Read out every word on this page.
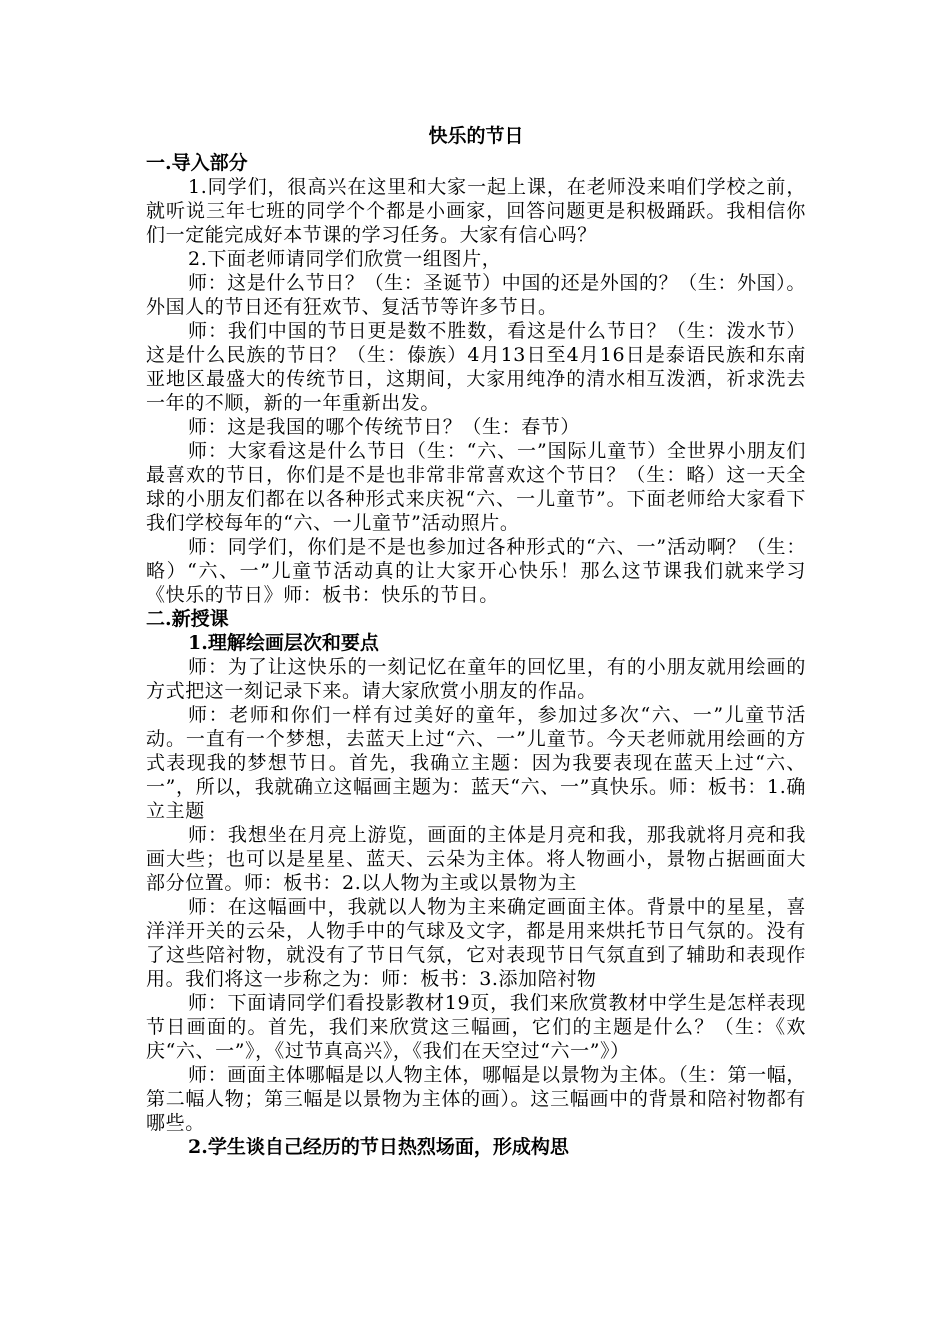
快乐的节日
一.导入部分

1.同学们，很高兴在这里和大家一起上课，在老师没来咱们学校之前，就听说三年七班的同学个个都是小画家，回答问题更是积极踊跃。我相信你们一定能完成好本节课的学习任务。大家有信心吗？

2.下面老师请同学们欣赏一组图片，

师：这是什么节日？（生：圣诞节）中国的还是外国的？（生：外国）。外国人的节日还有狂欢节、复活节等许多节日。

师：我们中国的节日更是数不胜数，看这是什么节日？（生：泼水节）这是什么民族的节日？（生：傣族）4月13日至4月16日是泰语民族和东南亚地区最盛大的传统节日，这期间，大家用纯净的清水相互泼洒，祈求洗去一年的不顺，新的一年重新出发。

师：这是我国的哪个传统节日？（生：春节）

师：大家看这是什么节日（生：“六、一”国际儿童节）全世界小朋友们最喜欢的节日，你们是不是也非常非常喜欢这个节日？（生：略）这一天全球的小朋友们都在以各种形式来庆祝“六、一儿童节”。下面老师给大家看下我们学校每年的“六、一儿童节”活动照片。

师：同学们，你们是不是也参加过各种形式的“六、一”活动啊？（生：略）“六、一”儿童节活动真的让大家开心快乐！那么这节课我们就来学习《快乐的节日》师：板书：快乐的节日。

二.新授课
1.理解绘画层次和要点

师：为了让这快乐的一刻记忆在童年的回忆里，有的小朋友就用绘画的方式把这一刻记录下来。请大家欣赏小朋友的作品。

师：老师和你们一样有过美好的童年，参加过多次“六、一”儿童节活动。一直有一个梦想，去蓝天上过“六、一”儿童节。今天老师就用绘画的方式表现我的梦想节日。首先，我确立主题：因为我要表现在蓝天上过“六、一”，所以，我就确立这幅画主题为：蓝天“六、一”真快乐。师：板书：1.确立主题

师：我想坐在月亮上游览，画面的主体是月亮和我，那我就将月亮和我画大些；也可以是星星、蓝天、云朵为主体。将人物画小，景物占据画面大部分位置。师：板书：2.以人物为主或以景物为主

师：在这幅画中，我就以人物为主来确定画面主体。背景中的星星，喜洋洋开关的云朵，人物手中的气球及文字，都是用来烘托节日气氛的。没有了这些陪衬物，就没有了节日气氛，它对表现节日气氛直到了辅助和表现作用。我们将这一步称之为：师：板书：3.添加陪衬物

师：下面请同学们看投影教材19页，我们来欣赏教材中学生是怎样表现节日画面的。首先，我们来欣赏这三幅画，它们的主题是什么？（生：《欢庆“六、一”》，《过节真高兴》，《我们在天空过“六一”》）

师：画面主体哪幅是以人物主体，哪幅是以景物为主体。（生：第一幅，第二幅人物；第三幅是以景物为主体的画）。这三幅画中的背景和陪衬物都有哪些。

2.学生谈自己经历的节日热烈场面，形成构思
